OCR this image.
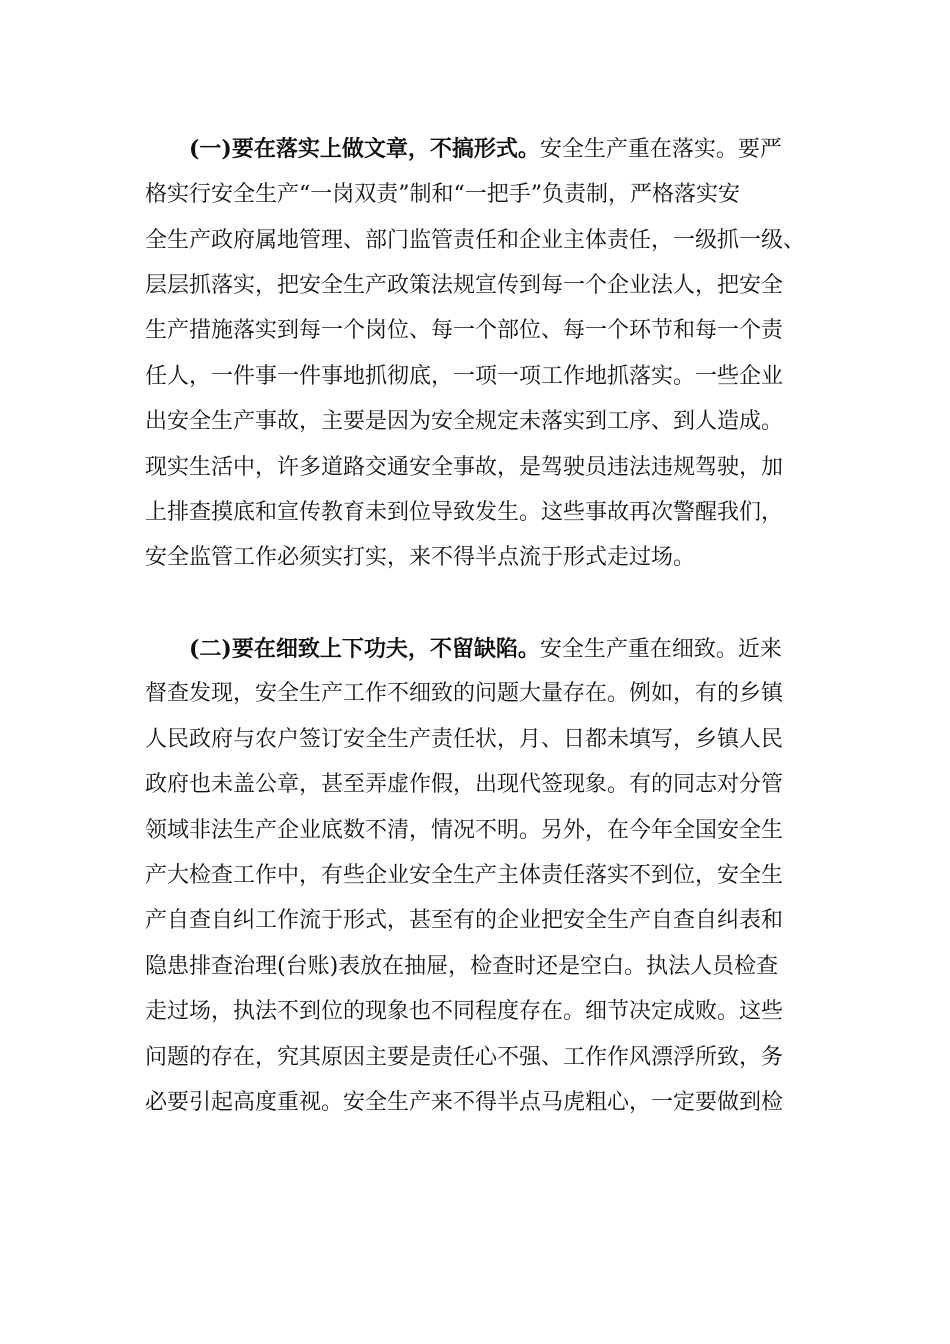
(一)要在落实上做文章，不搞形式。安全生产重在落实。要严
格实行安全生产“一岗双责”制和“一把手”负责制，严格落实安
全生产政府属地管理、部门监管责任和企业主体责任，一级抓一级、
层层抓落实，把安全生产政策法规宣传到每一个企业法人，把安全
生产措施落实到每一个岗位、每一个部位、每一个环节和每一个责
任人，一件事一件事地抓彻底，一项一项工作地抓落实。一些企业
出安全生产事故，主要是因为安全规定未落实到工序、到人造成。
现实生活中，许多道路交通安全事故，是驾驶员违法违规驾驶，加
上排查摸底和宣传教育未到位导致发生。这些事故再次警醒我们，
安全监管工作必须实打实，来不得半点流于形式走过场。
(二)要在细致上下功夫，不留缺陷。安全生产重在细致。近来
督查发现，安全生产工作不细致的问题大量存在。例如，有的乡镇
人民政府与农户签订安全生产责任状，月、日都未填写，乡镇人民
政府也未盖公章，甚至弄虚作假，出现代签现象。有的同志对分管
领域非法生产企业底数不清，情况不明。另外，在今年全国安全生
产大检查工作中，有些企业安全生产主体责任落实不到位，安全生
产自查自纠工作流于形式，甚至有的企业把安全生产自查自纠表和
隐患排查治理(台账)表放在抽屉，检查时还是空白。执法人员检查
走过场，执法不到位的现象也不同程度存在。细节决定成败。这些
问题的存在，究其原因主要是责任心不强、工作作风漂浮所致，务
必要引起高度重视。安全生产来不得半点马虎粗心，一定要做到检
